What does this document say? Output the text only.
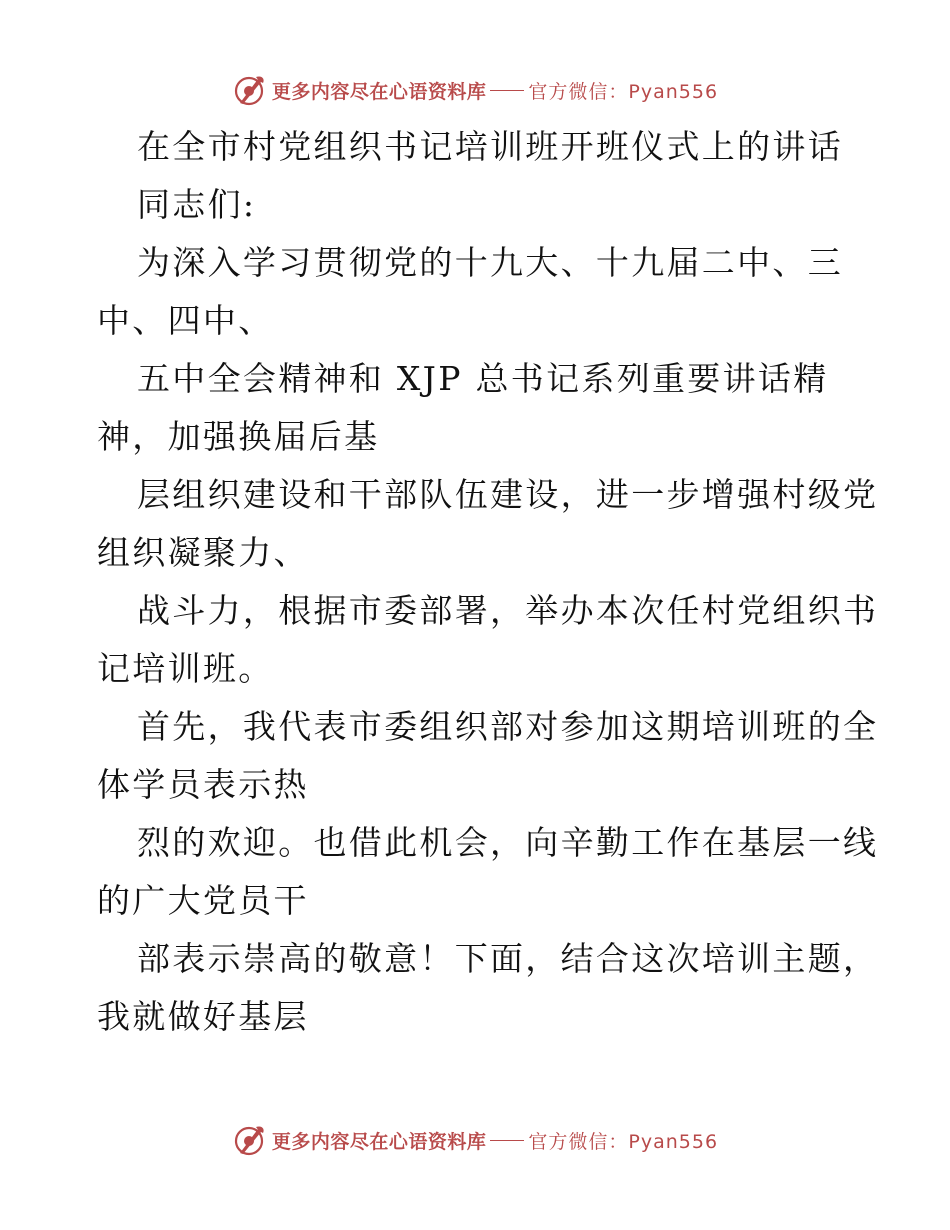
更多内容尽在心语资料库 官方微信：Pyan556
在全市村党组织书记培训班开班仪式上的讲话
同志们:
为深入学习贯彻党的十九大、十九届二中、三
中、四中、
五中全会精神和 XJP 总书记系列重要讲话精
神，加强换届后基
层组织建设和干部队伍建设，进一步增强村级党
组织凝聚力、
战斗力，根据市委部署，举办本次任村党组织书
记培训班。
首先，我代表市委组织部对参加这期培训班的全
体学员表示热
烈的欢迎。也借此机会，向辛勤工作在基层一线
的广大党员干
部表示崇高的敬意！下面，结合这次培训主题，
我就做好基层
更多内容尽在心语资料库 官方微信：Pyan556
